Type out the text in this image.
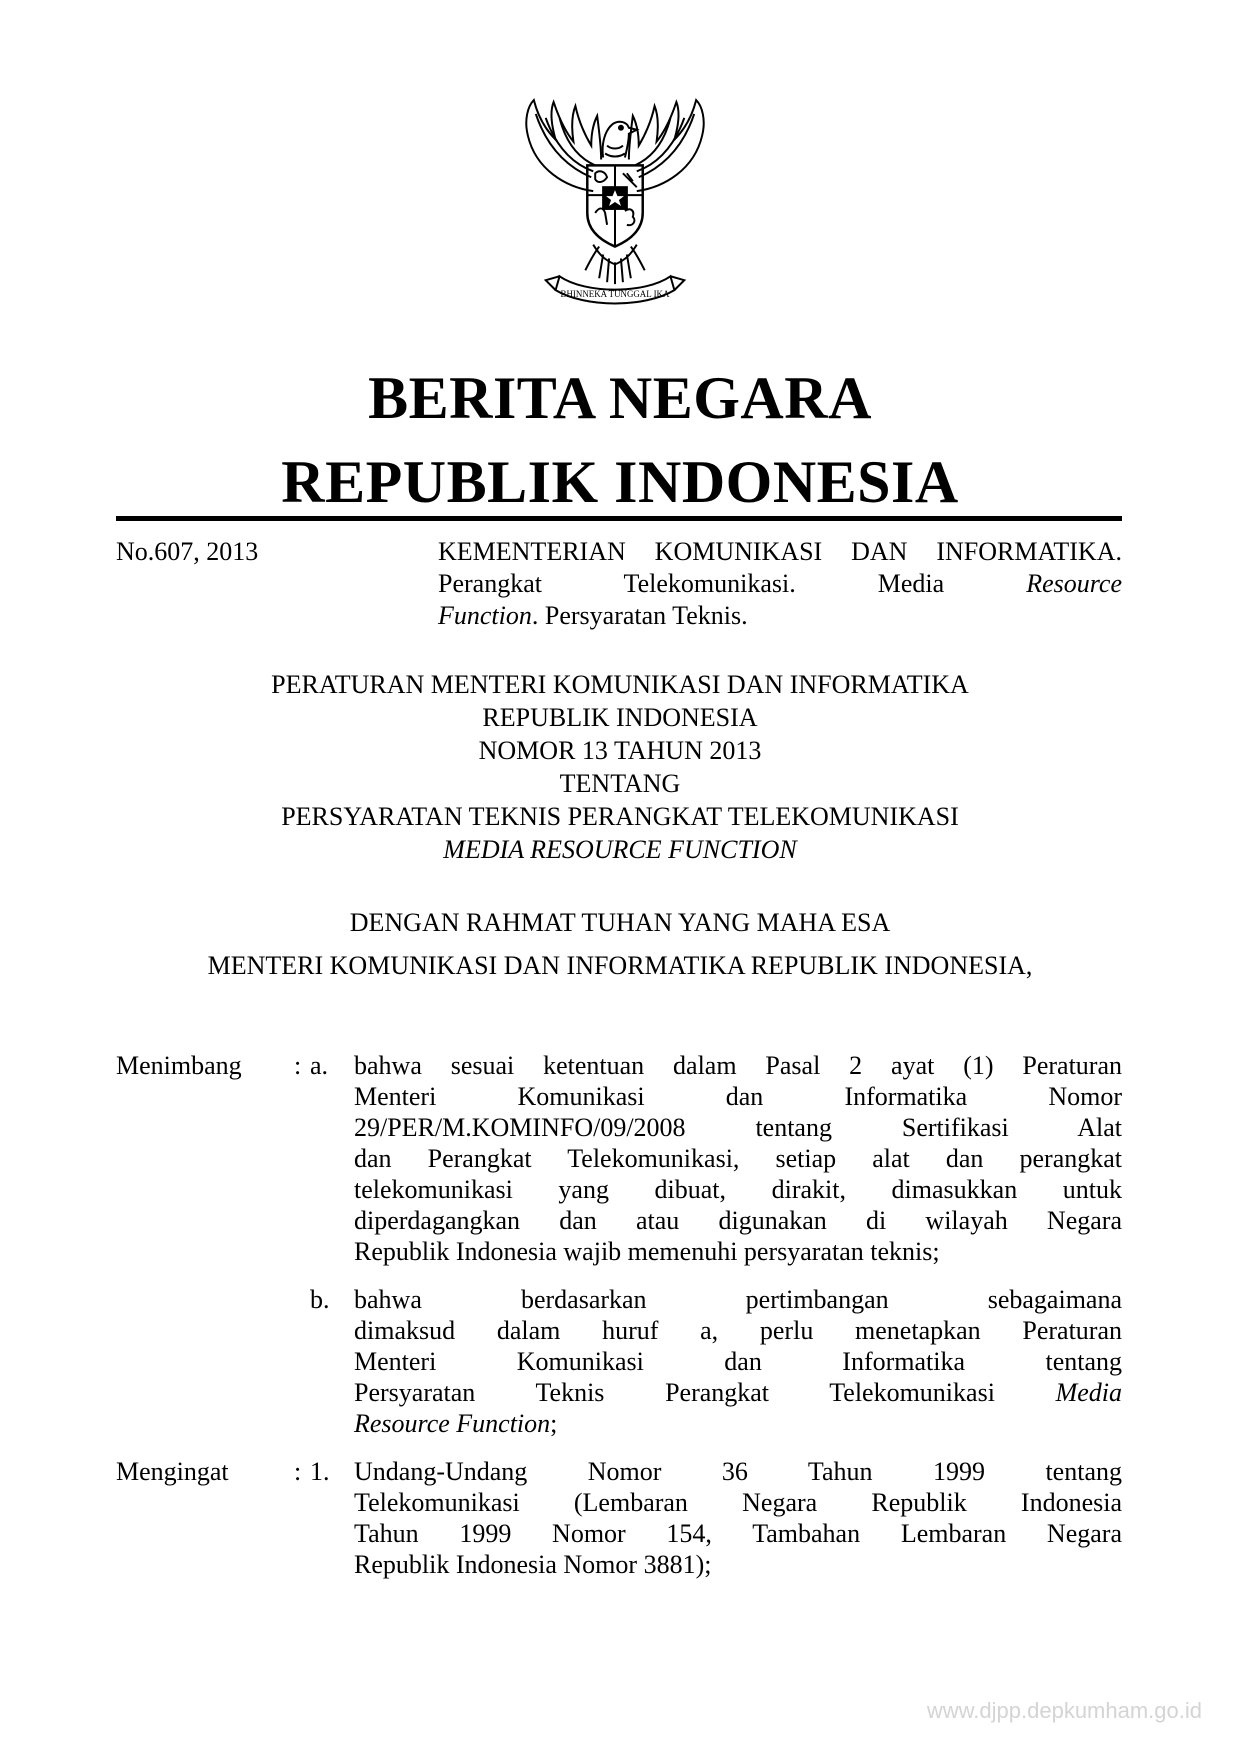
BHINNEKA TUNGGAL IKA
BERITA NEGARA
REPUBLIK INDONESIA
No.607, 2013	KEMENTERIAN KOMUNIKASI DAN INFORMATIKA.
Perangkat Telekomunikasi. Media Resource
Function. Persyaratan Teknis.
PERATURAN MENTERI KOMUNIKASI DAN INFORMATIKA
REPUBLIK INDONESIA
NOMOR 13 TAHUN 2013
TENTANG
PERSYARATAN TEKNIS PERANGKAT TELEKOMUNIKASI
MEDIA RESOURCE FUNCTION
DENGAN RAHMAT TUHAN YANG MAHA ESA
MENTERI KOMUNIKASI DAN INFORMATIKA REPUBLIK INDONESIA,
Menimbang : a. bahwa sesuai ketentuan dalam Pasal 2 ayat (1) Peraturan
Menteri Komunikasi dan Informatika Nomor
29/PER/M.KOMINFO/09/2008 tentang Sertifikasi Alat
dan Perangkat Telekomunikasi, setiap alat dan perangkat
telekomunikasi yang dibuat, dirakit, dimasukkan untuk
diperdagangkan dan atau digunakan di wilayah Negara
Republik Indonesia wajib memenuhi persyaratan teknis;
b. bahwa berdasarkan pertimbangan sebagaimana
dimaksud dalam huruf a, perlu menetapkan Peraturan
Menteri Komunikasi dan Informatika tentang
Persyaratan Teknis Perangkat Telekomunikasi Media
Resource Function;
Mengingat	: 1. Undang-Undang Nomor 36 Tahun 1999 tentang
Telekomunikasi (Lembaran Negara Republik Indonesia
Tahun 1999 Nomor 154, Tambahan Lembaran Negara
Republik Indonesia Nomor 3881);
www.djpp.depkumham.go.id
